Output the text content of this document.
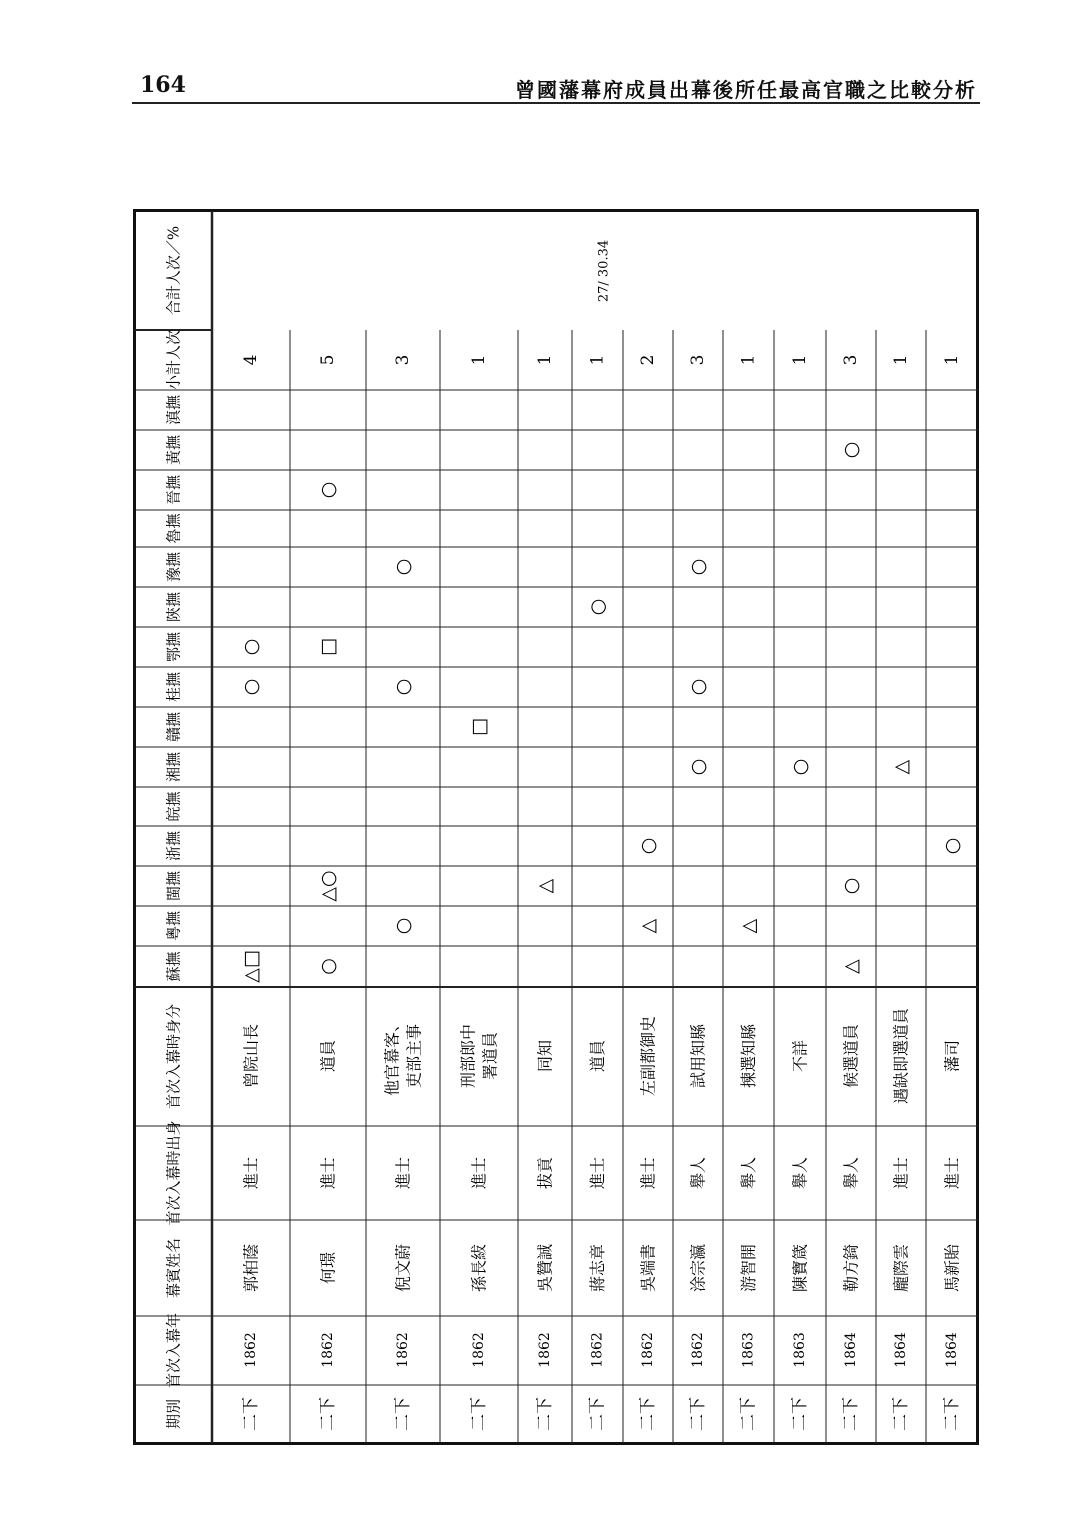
164	曾國藩幕府成員出幕後所任最高官職之比較分析
期別
首次入幕年
幕賓姓名
首次入幕時出身
首次入幕時身分
蘇撫
粵撫
閩撫
浙撫
皖撫
湘撫
贛撫
桂撫
鄂撫
陝撫
豫撫
魯撫
晉撫
黃撫
滇撫
小計人次
合計人次／%	27/ 30.34
二下
1862
郭柏蔭
進士
曾院山長
△□
○
○
4
二下
1862
何璟
進士
道員
○
△○
□
○
5
二下
1862
倪文蔚
進士
他官幕客、 吏部主事
○
○
○
3
二下
1862
孫長紱
進士
刑部郎中 署道員
□
1
二下
1862
吳贊誠
拔貢
同知
△
1
二下
1862
蔣志章
進士
道員
○
1
二下
1862
吳端書
進士
左副都御史
△
○
2
二下
1862
涂宗瀛
舉人
試用知縣
○
○
○
3
二下
1863
游智開
舉人
揀選知縣
△
1
二下
1863
陳寶箴
舉人
不詳
○
1
二下
1864
勒方錡
舉人
候選道員
△
○
○
3
二下
1864
龐際雲
進士
遇缺即選道員
△
1
二下
1864
馬新貽
進士
藩司
○
1
